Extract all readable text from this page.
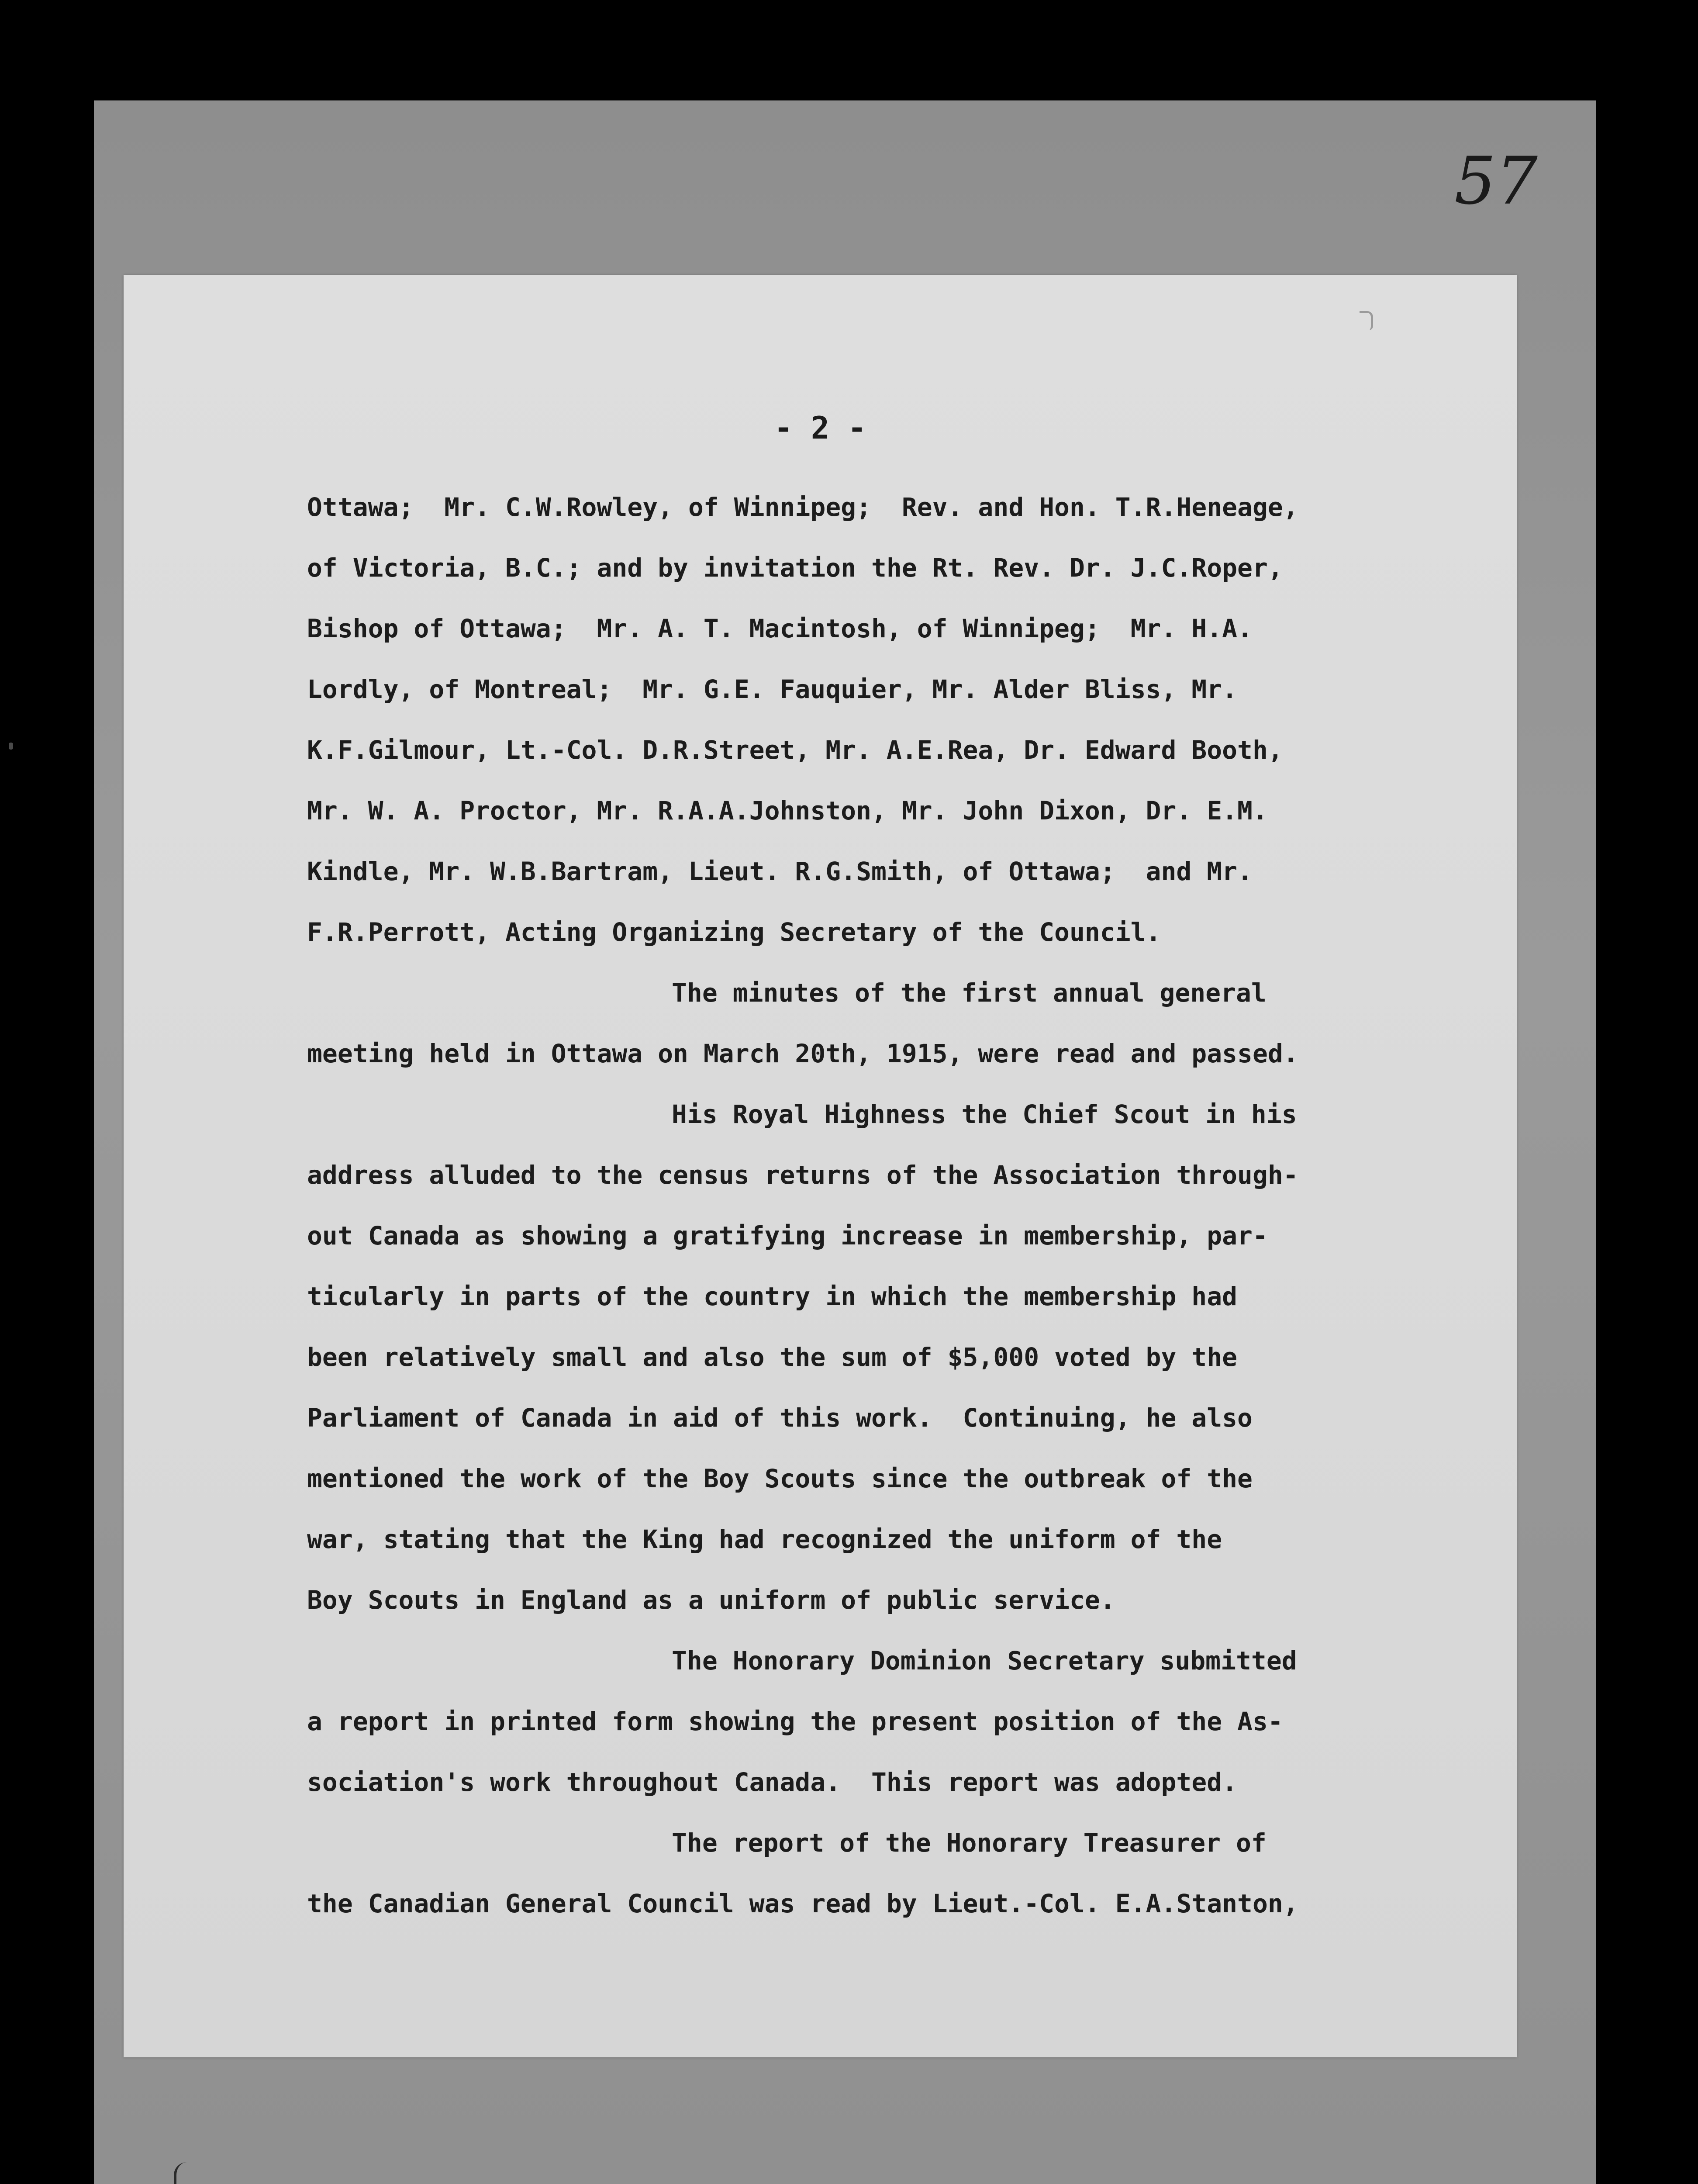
57
- 2 -
Ottawa;  Mr. C.W.Rowley, of Winnipeg;  Rev. and Hon. T.R.Heneage,
of Victoria, B.C.; and by invitation the Rt. Rev. Dr. J.C.Roper,
Bishop of Ottawa;  Mr. A. T. Macintosh, of Winnipeg;  Mr. H.A.
Lordly, of Montreal;  Mr. G.E. Fauquier, Mr. Alder Bliss, Mr.
K.F.Gilmour, Lt.-Col. D.R.Street, Mr. A.E.Rea, Dr. Edward Booth,
Mr. W. A. Proctor, Mr. R.A.A.Johnston, Mr. John Dixon, Dr. E.M.
Kindle, Mr. W.B.Bartram, Lieut. R.G.Smith, of Ottawa;  and Mr.
F.R.Perrott, Acting Organizing Secretary of the Council.
The minutes of the first annual general
meeting held in Ottawa on March 20th, 1915, were read and passed.
His Royal Highness the Chief Scout in his
address alluded to the census returns of the Association through-
out Canada as showing a gratifying increase in membership, par-
ticularly in parts of the country in which the membership had
been relatively small and also the sum of $5,000 voted by the
Parliament of Canada in aid of this work.  Continuing, he also
mentioned the work of the Boy Scouts since the outbreak of the
war, stating that the King had recognized the uniform of the
Boy Scouts in England as a uniform of public service.
The Honorary Dominion Secretary submitted
a report in printed form showing the present position of the As-
sociation's work throughout Canada.  This report was adopted.
The report of the Honorary Treasurer of
the Canadian General Council was read by Lieut.-Col. E.A.Stanton,
